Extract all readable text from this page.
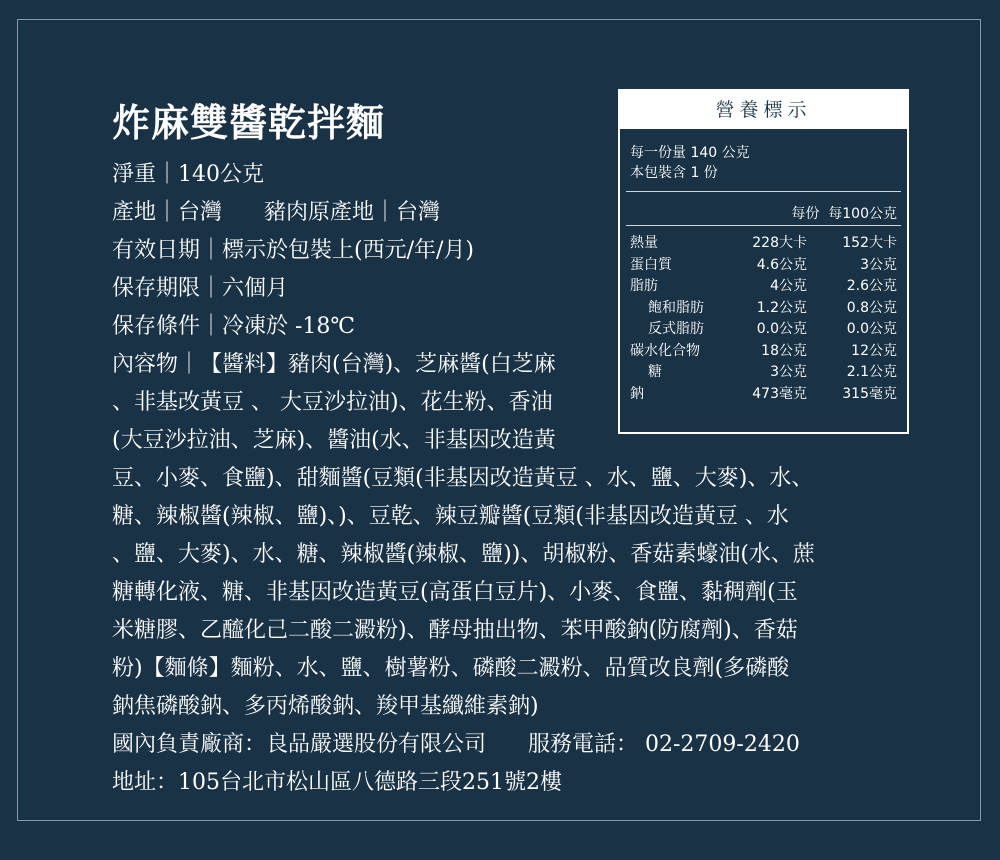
炸麻雙醬乾拌麵
淨重｜140公克
產地｜台灣 豬肉原產地｜台灣
有效日期｜標示於包裝上(西元/年/月)
保存期限｜六個月
保存條件｜冷凍於 -18℃
內容物｜【醬料】豬肉(台灣)、芝麻醬(白芝麻
、非基改黃豆 、 大豆沙拉油)、花生粉、香油
(大豆沙拉油、芝麻)、醬油(水、非基因改造黃
豆、小麥、食鹽)、甜麵醬(豆類(非基因改造黃豆 、水、鹽、大麥)、水、
糖、辣椒醬(辣椒、鹽)、)、豆乾、辣豆瓣醬(豆類(非基因改造黃豆 、水
、鹽、大麥)、水、糖、辣椒醬(辣椒、鹽))、胡椒粉、香菇素蠔油(水、蔗
糖轉化液、糖、非基因改造黃豆(高蛋白豆片)、小麥、食鹽、黏稠劑(玉
米糖膠、乙醯化己二酸二澱粉)、酵母抽出物、苯甲酸鈉(防腐劑)、香菇
粉)【麵條】麵粉、水、鹽、樹薯粉、磷酸二澱粉、品質改良劑(多磷酸
鈉焦磷酸鈉、多丙烯酸鈉、羧甲基纖維素鈉)
國內負責廠商：良品嚴選股份有限公司 服務電話： 02-2709-2420
地址：105台北市松山區八德路三段251號2樓
營養標示
每一份量 140 公克
本包裝含 1 份
每份 每100公克
熱量	228大卡	152大卡
蛋白質	4.6公克	3公克
脂肪	4公克	2.6公克
飽和脂肪	1.2公克	0.8公克
反式脂肪	0.0公克	0.0公克
碳水化合物	18公克	12公克
糖	3公克	2.1公克
鈉	473毫克	315毫克
